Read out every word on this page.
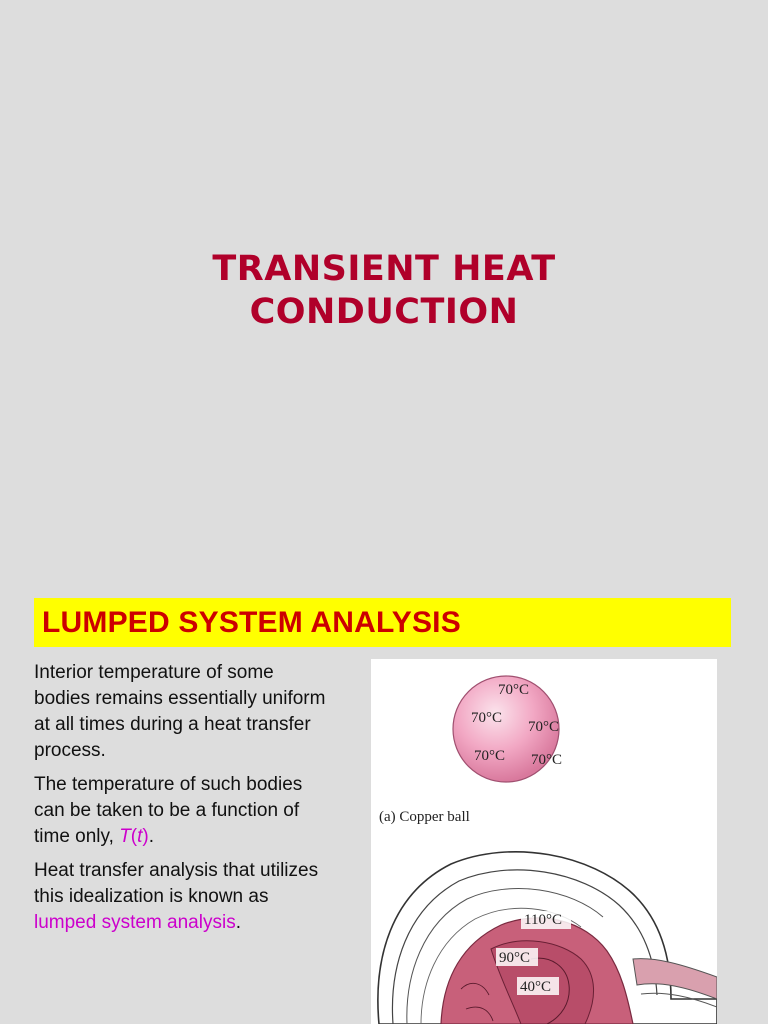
TRANSIENT HEAT
CONDUCTION
LUMPED SYSTEM ANALYSIS

Interior temperature of some bodies remains essentially uniform at all times during a heat transfer process.

The temperature of such bodies can be taken to be a function of time only, T(t).

Heat transfer analysis that utilizes this idealization is known as lumped system analysis.

70°C
70°C
70°C
70°C 70°C
(a) Copper ball
110°C
90°C
40°C
